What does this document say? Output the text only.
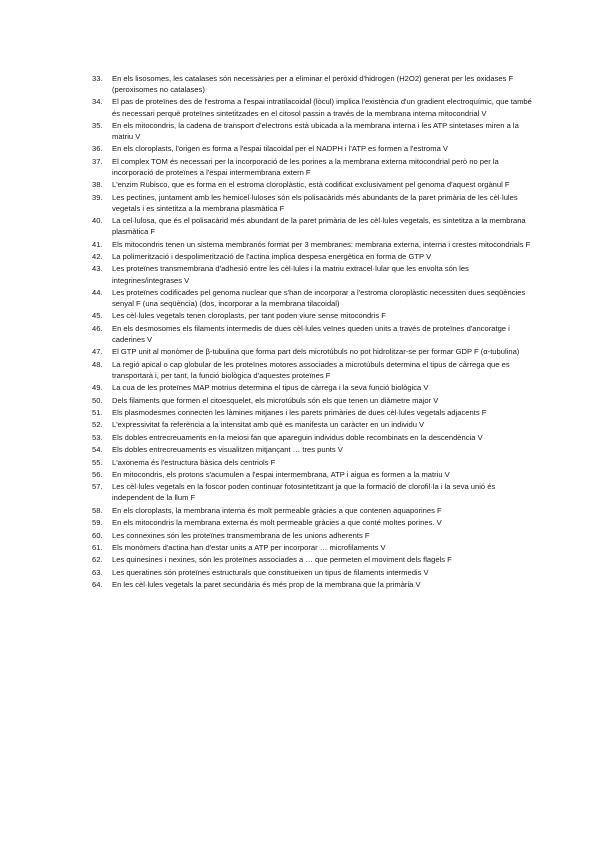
33.	En els lisosomes, les catalases són necessàries per a eliminar el peròxid d'hidrogen (H2O2) generat per les oxidases F (peroxisomes no catalases)
34.	El pas de proteïnes des de l'estroma a l'espai intratilacoidal (lòcul) implica l'existència d'un gradient electroquímic, que també és necessari perquè proteïnes sintetitzades en el citosol passin a través de la membrana interna mitocondrial V
35.	En els mitocondris, la cadena de transport d'electrons està ubicada a la membrana interna i les ATP sintetases miren a la matriu V
36.	En els cloroplasts, l'origen es forma a l'espai tilacoidal per el NADPH i l'ATP es formen a l'estroma V
37.	El complex TOM és necessari per la incorporació de les porines a la membrana externa mitocondrial però no per la incorporació de proteïnes a l'espai intermembrana extern F
38.	L'enzim Rubisco, que es forma en el estroma cloroplàstic, està codificat exclusivament pel genoma d'aquest orgànul F
39.	Les pectines, juntament amb les hemicel·luloses són els polisacàrids més abundants de la paret primària de les cèl·lules vegetals i es sintetitza a la membrana plasmàtica F
40.	La cel·lulosa, que és el polisacàrid més abundant de la paret primària de les cèl·lules vegetals, es sintetitza a la membrana plasmàtica F
41.	Els mitocondris tenen un sistema membranós format per 3 membranes: membrana externa, interna i crestes mitocondrials F
42.	La polimerització i despolimerització de l'actina implica despesa energètica en forma de GTP V
43.	Les proteïnes transmembrana d'adhesió entre les cèl·lules i la matriu extracel·lular que les envolta són les integrines/integrases V
44.	Les proteïnes codificades pel genoma nuclear que s'han de incorporar a l'estroma cloroplàstic necessiten dues seqüències senyal F (una seqüència) (dos, incorporar a la membrana tilacoidal)
45.	Les cèl·lules vegetals tenen cloroplasts, per tant poden viure sense mitocondris F
46.	En els desmosomes els filaments intermedis de dues cèl·lules veïnes queden units a través de proteïnes d'ancoratge i caderines V
47.	El GTP unit al monòmer de β-tubulina que forma part dels microtúbuls no pot hidrolitzar-se per formar GDP F (α-tubulina)
48.	La regió apical o cap globular de les proteïnes motores associades a microtúbuls determina el tipus de càrrega que es transportarà i, per tant, la funció biològica d'aquestes proteïnes F
49.	La cua de les proteïnes MAP motrius determina el tipus de càrrega i la seva funció biològica V
50.	Dels filaments que formen el citoesquelet, els microtúbuls són els que tenen un diàmetre major V
51.	Els plasmodesmes connecten les làmines mitjanes i les parets primàries de dues cèl·lules vegetals adjacents F
52.	L'expressivitat fa referència a la intensitat amb què es manifesta un caràcter en un individu V
53.	Els dobles entrecreuaments en la meiosi fan que apareguin individus doble recombinats en la descendència V
54.	Els dobles entrecreuaments es visualitzen mitjançant … tres punts V
55.	L'axonema és l'estructura bàsica dels centriols F
56.	En mitocondris, els protons s'acumulen a l'espai intermembrana, ATP i aigua es formen a la matriu V
57.	Les cèl·lules vegetals en la foscor poden continuar fotosintetitzant ja que la formació de clorofil·la i la seva unió és independent de la llum F
58.	En els cloroplasts, la membrana interna és molt permeable gràcies a que contenen aquaporines F
59.	En els mitocondris la membrana externa és molt permeable gràcies a que conté moltes porines. V
60.	Les connexines són les proteïnes transmembrana de les unions adherents F
61.	Els monòmers d'actina han d'estar units a ATP per incorporar … microfilaments V
62.	Les quinesines i nexines, són les proteïnes associades a … que permeten el moviment dels flagels F
63.	Les queratines són proteïnes estructurals que constitueixen un tipus de filaments intermedis V
64.	En les cèl·lules vegetals la paret secundària és més prop de la membrana que la primària V
